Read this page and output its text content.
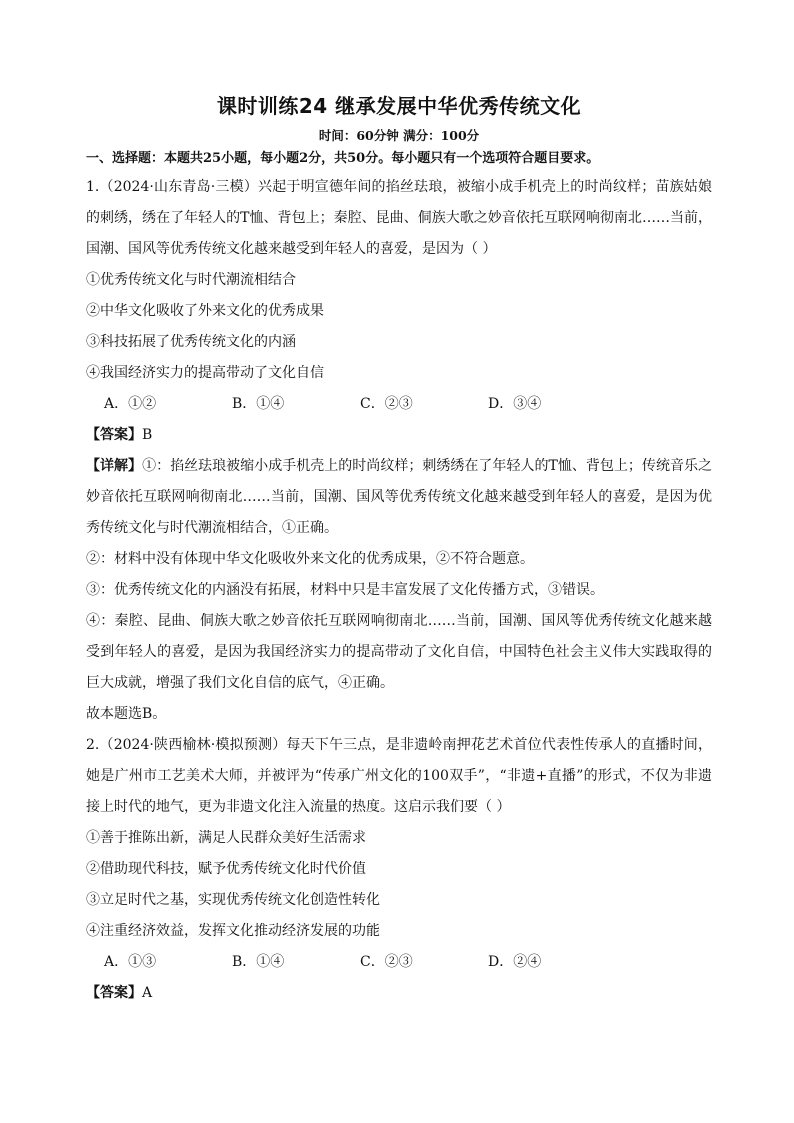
课时训练24 继承发展中华优秀传统文化
时间：60分钟 满分：100分
一、选择题：本题共25小题，每小题2分，共50分。每小题只有一个选项符合题目要求。

1.（2024·山东青岛·三模）兴起于明宣德年间的掐丝珐琅，被缩小成手机壳上的时尚纹样；苗族姑娘的刺绣，绣在了年轻人的T恤、背包上；秦腔、昆曲、侗族大歌之妙音依托互联网响彻南北……当前，国潮、国风等优秀传统文化越来越受到年轻人的喜爱，是因为（ ）

①优秀传统文化与时代潮流相结合

②中华文化吸收了外来文化的优秀成果

③科技拓展了优秀传统文化的内涵

④我国经济实力的提高带动了文化自信

A．①②	B．①④	C．②③	D．③④

【答案】B

【详解】①：掐丝珐琅被缩小成手机壳上的时尚纹样；刺绣绣在了年轻人的T恤、背包上；传统音乐之妙音依托互联网响彻南北……当前，国潮、国风等优秀传统文化越来越受到年轻人的喜爱，是因为优秀传统文化与时代潮流相结合，①正确。

②：材料中没有体现中华文化吸收外来文化的优秀成果，②不符合题意。

③：优秀传统文化的内涵没有拓展，材料中只是丰富发展了文化传播方式，③错误。

④：秦腔、昆曲、侗族大歌之妙音依托互联网响彻南北……当前，国潮、国风等优秀传统文化越来越受到年轻人的喜爱，是因为我国经济实力的提高带动了文化自信，中国特色社会主义伟大实践取得的巨大成就，增强了我们文化自信的底气，④正确。

故本题选B。

2.（2024·陕西榆林·模拟预测）每天下午三点，是非遗岭南押花艺术首位代表性传承人的直播时间，她是广州市工艺美术大师，并被评为“传承广州文化的100双手”，“非遗+直播”的形式，不仅为非遗接上时代的地气，更为非遗文化注入流量的热度。这启示我们要（ ）

①善于推陈出新，满足人民群众美好生活需求

②借助现代科技，赋予优秀传统文化时代价值

③立足时代之基，实现优秀传统文化创造性转化

④注重经济效益，发挥文化推动经济发展的功能

A．①③	B．①④	C．②③	D．②④

【答案】A
